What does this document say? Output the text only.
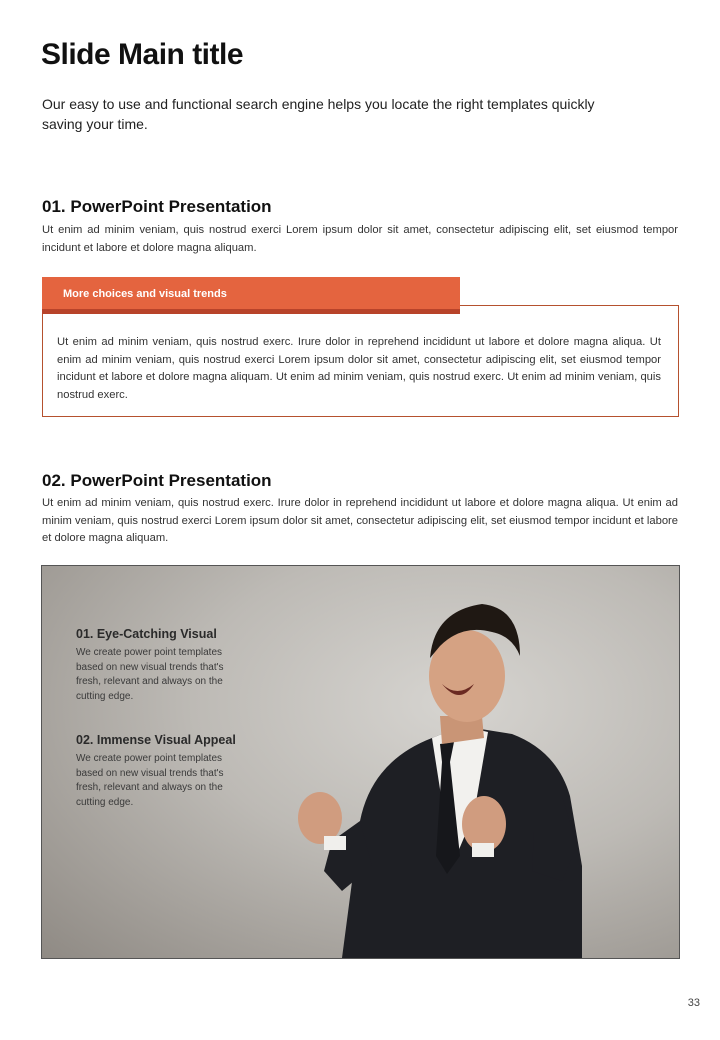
Slide Main title
Our easy to use and functional search engine helps you locate the right templates quickly saving your time.
01. PowerPoint Presentation
Ut enim ad minim veniam, quis nostrud exerci Lorem ipsum dolor sit amet, consectetur adipiscing elit, set eiusmod tempor incidunt et labore et dolore magna aliquam.
More choices and visual trends
Ut enim ad minim veniam, quis nostrud exerc. Irure dolor in reprehend incididunt ut labore et dolore magna aliqua. Ut enim ad minim veniam, quis nostrud exerci Lorem ipsum dolor sit amet, consectetur adipiscing elit, set eiusmod tempor incidunt et labore et dolore magna aliquam. Ut enim ad minim veniam, quis nostrud exerc. Ut enim ad minim veniam, quis nostrud exerc.
02. PowerPoint Presentation
Ut enim ad minim veniam, quis nostrud exerc. Irure dolor in reprehend incididunt ut labore et dolore magna aliqua. Ut enim ad minim veniam, quis nostrud exerci Lorem ipsum dolor sit amet, consectetur adipiscing elit, set eiusmod tempor incidunt et labore et dolore magna aliquam.
01. Eye-Catching Visual
We create power point templates based on new visual trends that's fresh, relevant and always on the cutting edge.
02. Immense Visual Appeal
We create power point templates based on new visual trends that's fresh, relevant and always on the cutting edge.
33
